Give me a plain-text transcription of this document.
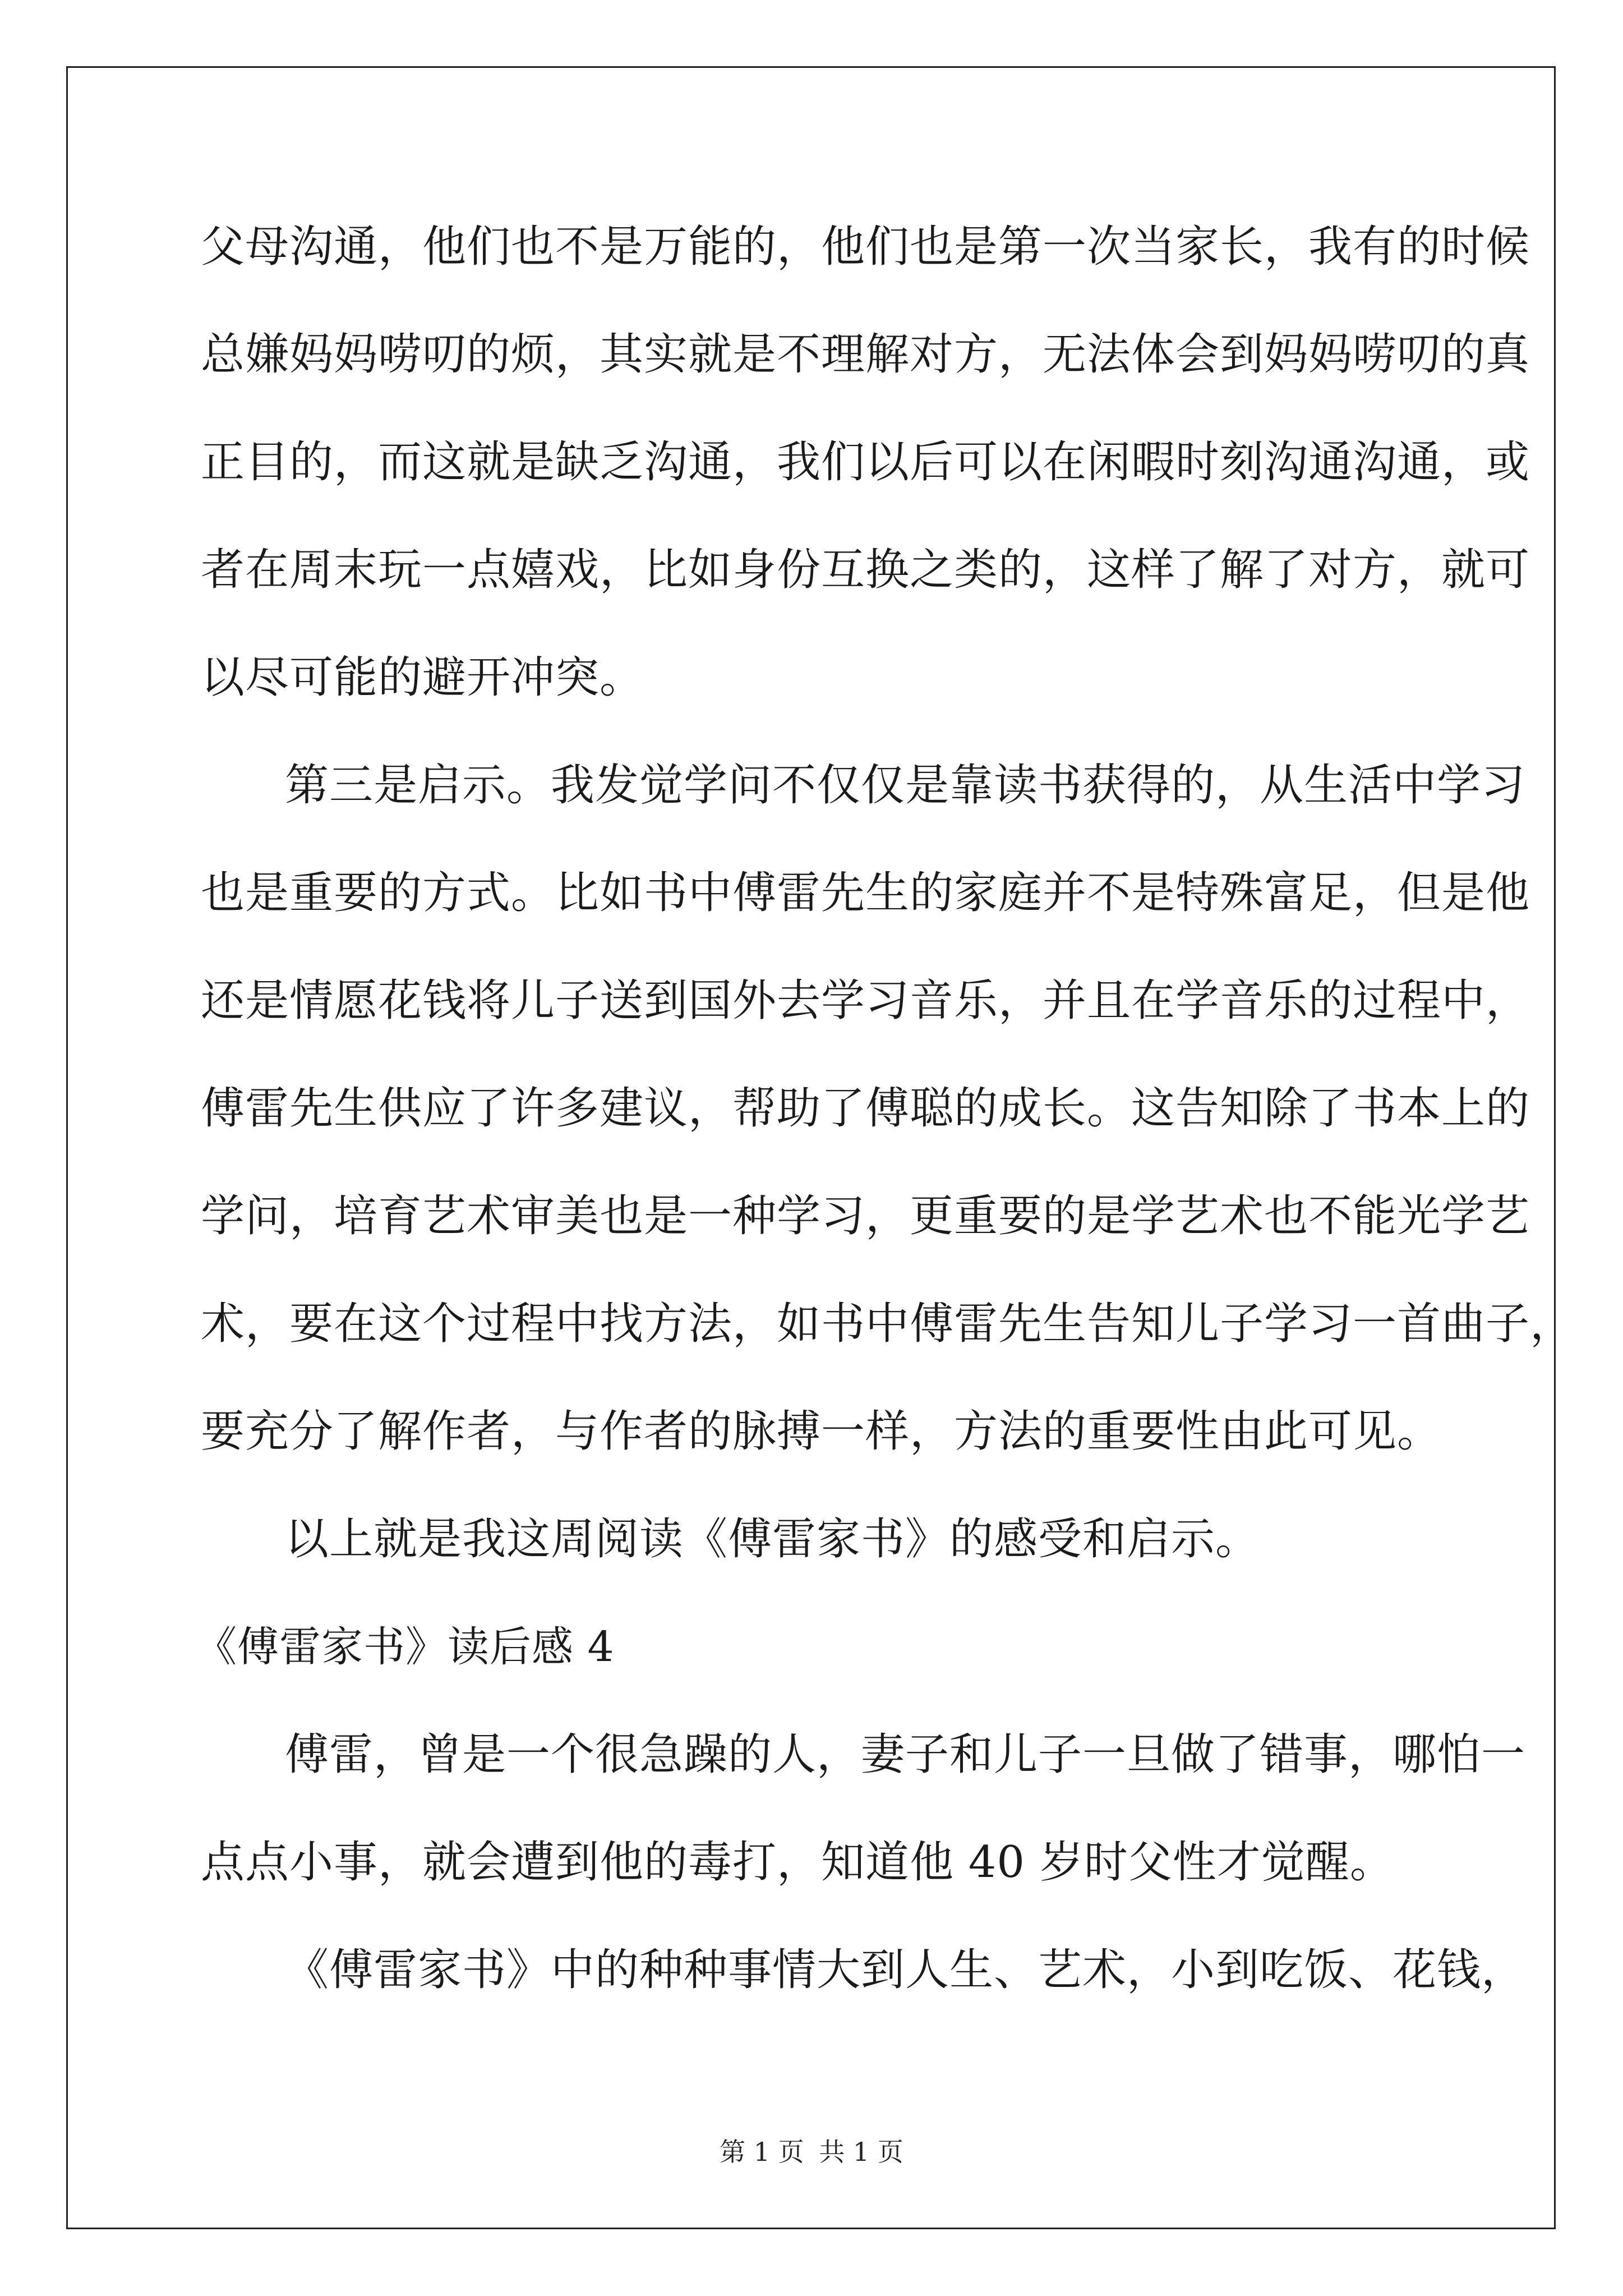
父母沟通，他们也不是万能的，他们也是第一次当家长，我有的时候
总嫌妈妈唠叨的烦，其实就是不理解对方，无法体会到妈妈唠叨的真
正目的，而这就是缺乏沟通，我们以后可以在闲暇时刻沟通沟通，或
者在周末玩一点嬉戏，比如身份互换之类的，这样了解了对方，就可
以尽可能的避开冲突。
第三是启示。我发觉学问不仅仅是靠读书获得的，从生活中学习
也是重要的方式。比如书中傅雷先生的家庭并不是特殊富足，但是他
还是情愿花钱将儿子送到国外去学习音乐，并且在学音乐的过程中，
傅雷先生供应了许多建议，帮助了傅聪的成长。这告知除了书本上的
学问，培育艺术审美也是一种学习，更重要的是学艺术也不能光学艺
术，要在这个过程中找方法，如书中傅雷先生告知儿子学习一首曲子，
要充分了解作者，与作者的脉搏一样，方法的重要性由此可见。
以上就是我这周阅读《傅雷家书》的感受和启示。
《傅雷家书》读后感 4
傅雷，曾是一个很急躁的人，妻子和儿子一旦做了错事，哪怕一
点点小事，就会遭到他的毒打，知道他 40 岁时父性才觉醒。
《傅雷家书》中的种种事情大到人生、艺术，小到吃饭、花钱，
第 1 页 共 1 页
